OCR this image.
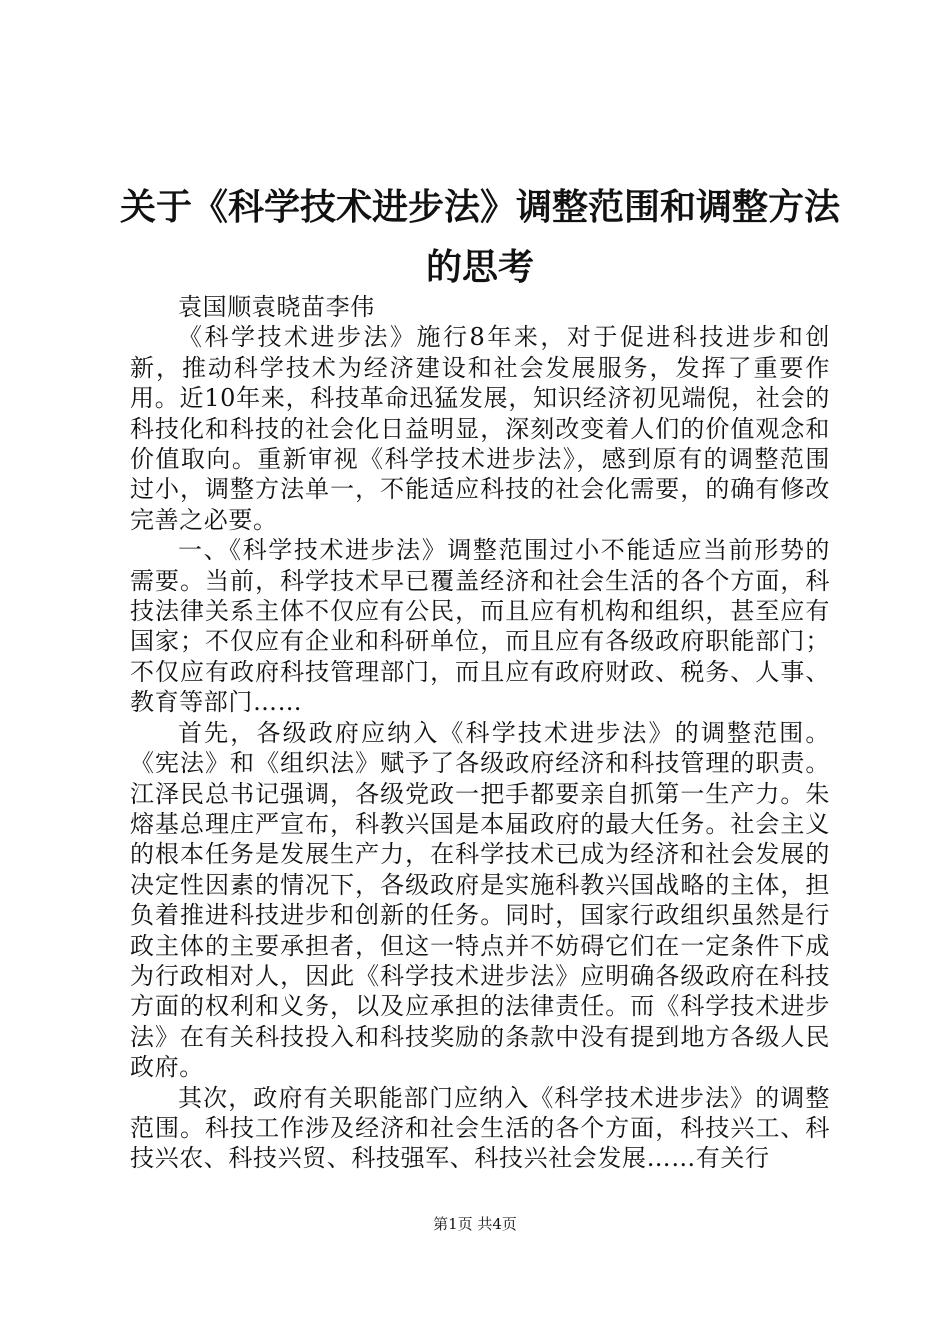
关于《科学技术进步法》调整范围和调整方法
的思考

袁国顺袁晓苗李伟

《科学技术进步法》施行8年来，对于促进科技进步和创新，推动科学技术为经济建设和社会发展服务，发挥了重要作用。近10年来，科技革命迅猛发展，知识经济初见端倪，社会的科技化和科技的社会化日益明显，深刻改变着人们的价值观念和价值取向。重新审视《科学技术进步法》，感到原有的调整范围过小，调整方法单一，不能适应科技的社会化需要，的确有修改完善之必要。

一、《科学技术进步法》调整范围过小不能适应当前形势的需要。当前，科学技术早已覆盖经济和社会生活的各个方面，科技法律关系主体不仅应有公民，而且应有机构和组织，甚至应有国家；不仅应有企业和科研单位，而且应有各级政府职能部门；不仅应有政府科技管理部门，而且应有政府财政、税务、人事、教育等部门……

首先，各级政府应纳入《科学技术进步法》的调整范围。《宪法》和《组织法》赋予了各级政府经济和科技管理的职责。江泽民总书记强调，各级党政一把手都要亲自抓第一生产力。朱熔基总理庄严宣布，科教兴国是本届政府的最大任务。社会主义的根本任务是发展生产力，在科学技术已成为经济和社会发展的决定性因素的情况下，各级政府是实施科教兴国战略的主体，担负着推进科技进步和创新的任务。同时，国家行政组织虽然是行政主体的主要承担者，但这一特点并不妨碍它们在一定条件下成为行政相对人，因此《科学技术进步法》应明确各级政府在科技方面的权利和义务，以及应承担的法律责任。而《科学技术进步法》在有关科技投入和科技奖励的条款中没有提到地方各级人民政府。

其次，政府有关职能部门应纳入《科学技术进步法》的调整范围。科技工作涉及经济和社会生活的各个方面，科技兴工、科技兴农、科技兴贸、科技强军、科技兴社会发展……有关行

第1页 共4页
